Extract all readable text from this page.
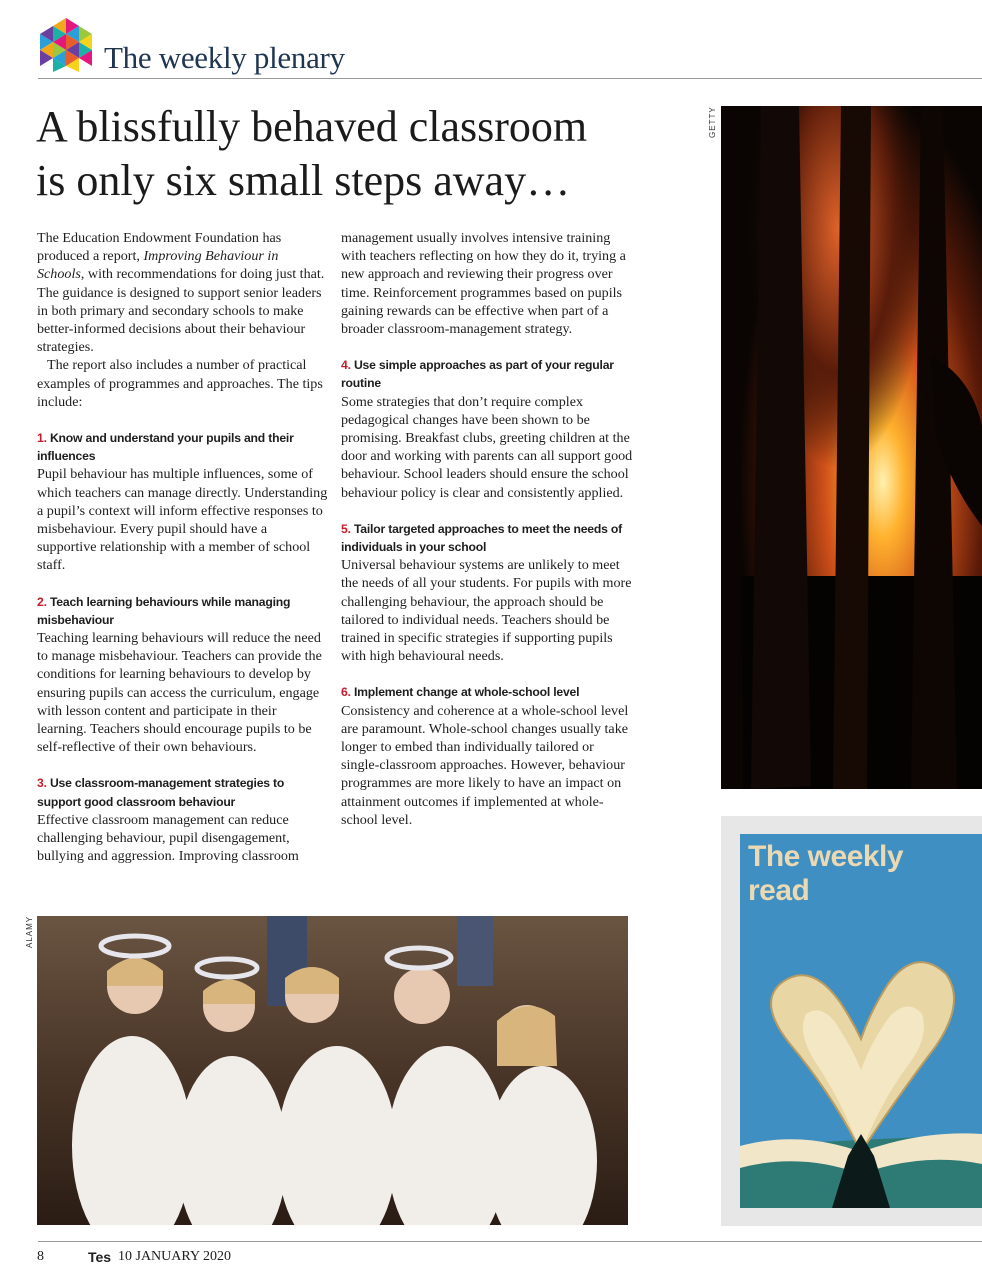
The weekly plenary
A blissfully behaved classroom
is only six small steps away…

The Education Endowment Foundation has produced a report, Improving Behaviour in Schools, with recommendations for doing just that. The guidance is designed to support senior leaders in both primary and secondary schools to make better-informed decisions about their behaviour strategies.

The report also includes a number of practical examples of programmes and approaches. The tips include:

1. Know and understand your pupils and their influences

Pupil behaviour has multiple influences, some of which teachers can manage directly. Understanding a pupil’s context will inform effective responses to misbehaviour. Every pupil should have a supportive relationship with a member of school staff.

2. Teach learning behaviours while managing misbehaviour

Teaching learning behaviours will reduce the need to manage misbehaviour. Teachers can provide the conditions for learning behaviours to develop by ensuring pupils can access the curriculum, engage with lesson content and participate in their learning. Teachers should encourage pupils to be self-reflective of their own behaviours.

3. Use classroom-management strategies to support good classroom behaviour

Effective classroom management can reduce challenging behaviour, pupil disengagement, bullying and aggression. Improving classroom

management usually involves intensive training with teachers reflecting on how they do it, trying a new approach and reviewing their progress over time. Reinforcement programmes based on pupils gaining rewards can be effective when part of a broader classroom-management strategy.

4. Use simple approaches as part of your regular routine

Some strategies that don’t require complex pedagogical changes have been shown to be promising. Breakfast clubs, greeting children at the door and working with parents can all support good behaviour. School leaders should ensure the school behaviour policy is clear and consistently applied.

5. Tailor targeted approaches to meet the needs of individuals in your school

Universal behaviour systems are unlikely to meet the needs of all your students. For pupils with more challenging behaviour, the approach should be tailored to individual needs. Teachers should be trained in specific strategies if supporting pupils with high behavioural needs.

6. Implement change at whole-school level

Consistency and coherence at a whole-school level are paramount. Whole-school changes usually take longer to embed than individually tailored or single-classroom approaches. However, behaviour programmes are more likely to have an impact on attainment outcomes if implemented at whole-school level.

GETTY
ALAMY
The weekly
read
8	Tes 10 JANUARY 2020
